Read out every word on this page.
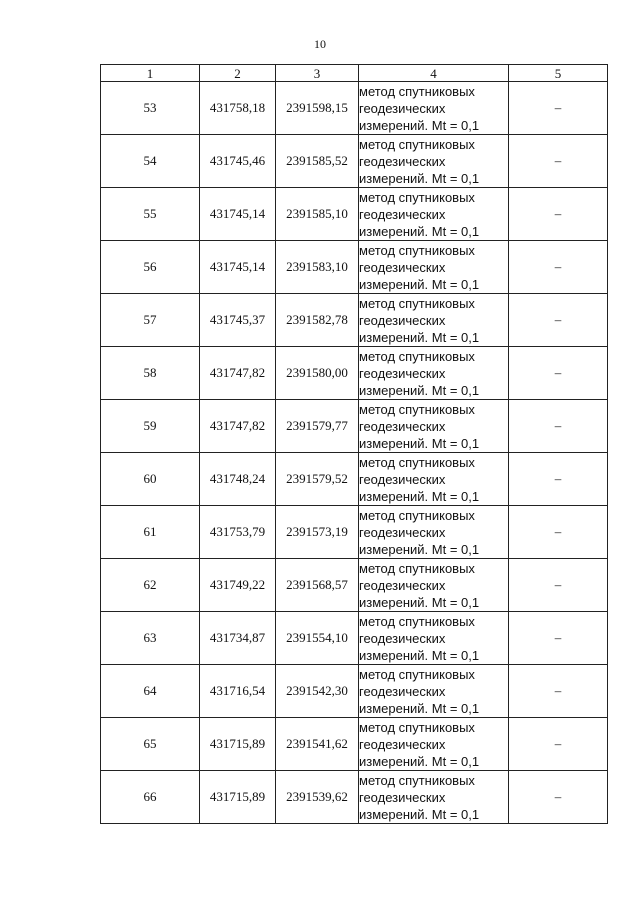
10
1	2	3	4	5
53	431758,18	2391598,15	метод спутниковых
геодезических
измерений. Mt = 0,1	–
54	431745,46	2391585,52	метод спутниковых
геодезических
измерений. Mt = 0,1	–
55	431745,14	2391585,10	метод спутниковых
геодезических
измерений. Mt = 0,1	–
56	431745,14	2391583,10	метод спутниковых
геодезических
измерений. Mt = 0,1	–
57	431745,37	2391582,78	метод спутниковых
геодезических
измерений. Mt = 0,1	–
58	431747,82	2391580,00	метод спутниковых
геодезических
измерений. Mt = 0,1	–
59	431747,82	2391579,77	метод спутниковых
геодезических
измерений. Mt = 0,1	–
60	431748,24	2391579,52	метод спутниковых
геодезических
измерений. Mt = 0,1	–
61	431753,79	2391573,19	метод спутниковых
геодезических
измерений. Mt = 0,1	–
62	431749,22	2391568,57	метод спутниковых
геодезических
измерений. Mt = 0,1	–
63	431734,87	2391554,10	метод спутниковых
геодезических
измерений. Mt = 0,1	–
64	431716,54	2391542,30	метод спутниковых
геодезических
измерений. Mt = 0,1	–
65	431715,89	2391541,62	метод спутниковых
геодезических
измерений. Mt = 0,1	–
66	431715,89	2391539,62	метод спутниковых
геодезических
измерений. Mt = 0,1	–
